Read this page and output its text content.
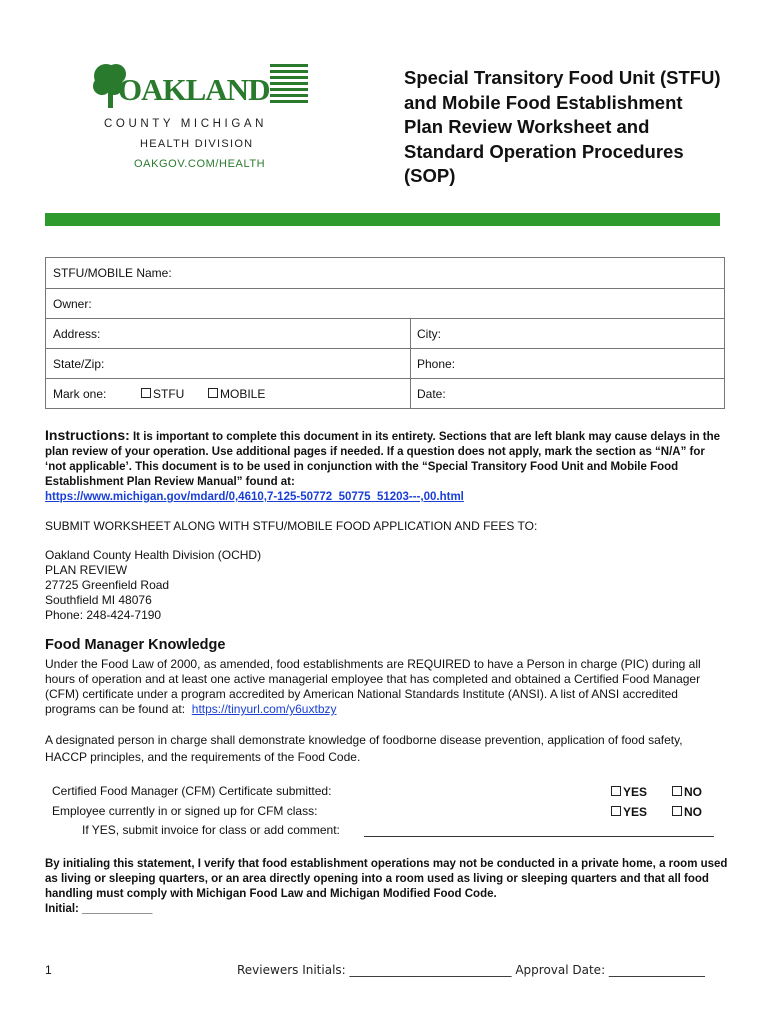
OAKLAND
COUNTY MICHIGAN
HEALTH DIVISION
OAKGOV.COM/HEALTH
Special Transitory Food Unit (STFU) and Mobile Food Establishment Plan Review Worksheet and Standard Operation Procedures (SOP)
STFU/MOBILE Name:
Owner:
Address:	City:
State/Zip:	Phone:
Mark one:	STFU	MOBILE	Date:
Instructions: It is important to complete this document in its entirety. Sections that are left blank may cause delays in the plan review of your operation. Use additional pages if needed. If a question does not apply, mark the section as “N/A” for ‘not applicable’. This document is to be used in conjunction with the “Special Transitory Food Unit and Mobile Food Establishment Plan Review Manual” found at:
https://www.michigan.gov/mdard/0,4610,7-125-50772_50775_51203---,00.html
SUBMIT WORKSHEET ALONG WITH STFU/MOBILE FOOD APPLICATION AND FEES TO:
Oakland County Health Division (OCHD)
PLAN REVIEW
27725 Greenfield Road
Southfield MI 48076
Phone: 248-424-7190
Food Manager Knowledge
Under the Food Law of 2000, as amended, food establishments are REQUIRED to have a Person in charge (PIC) during all hours of operation and at least one active managerial employee that has completed and obtained a Certified Food Manager (CFM) certificate under a program accredited by American National Standards Institute (ANSI). A list of ANSI accredited programs can be found at: https://tinyurl.com/y6uxtbzy
A designated person in charge shall demonstrate knowledge of foodborne disease prevention, application of food safety, HACCP principles, and the requirements of the Food Code.
Certified Food Manager (CFM) Certificate submitted:	YES	NO
Employee currently in or signed up for CFM class:	YES	NO
If YES, submit invoice for class or add comment:
By initialing this statement, I verify that food establishment operations may not be conducted in a private home, a room used as living or sleeping quarters, or an area directly opening into a room used as living or sleeping quarters and that all food handling must comply with Michigan Food Law and Michigan Modified Food Code.
Initial: ___________
1	Reviewers Initials: ___________________________ Approval Date: ________________
